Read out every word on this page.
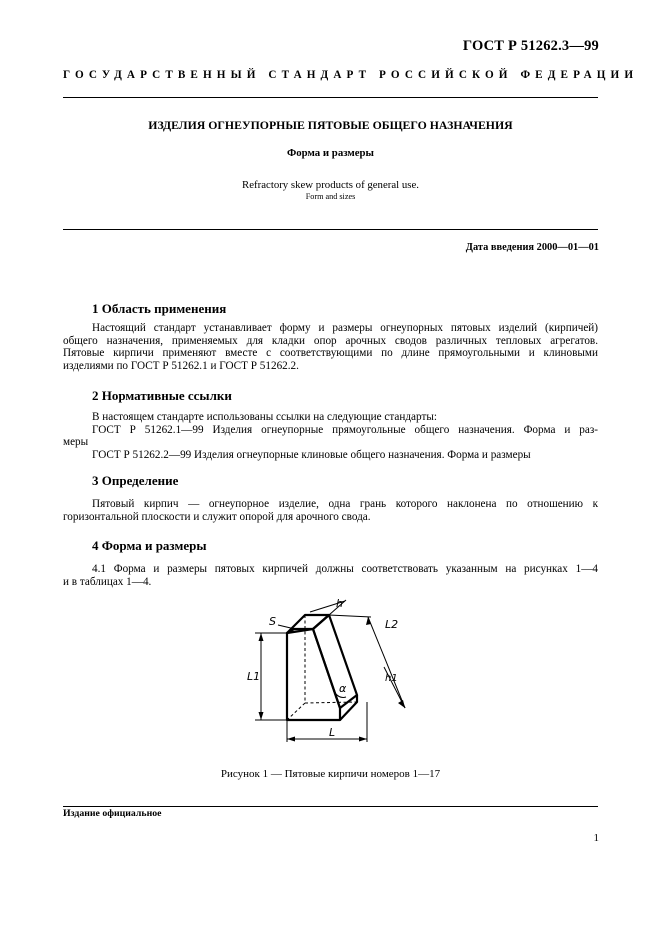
ГОСТ Р 51262.3—99
ГОСУДАРСТВЕННЫЙ СТАНДАРТ РОССИЙСКОЙ ФЕДЕРАЦИИ
ИЗДЕЛИЯ ОГНЕУПОРНЫЕ ПЯТОВЫЕ ОБЩЕГО НАЗНАЧЕНИЯ
Форма и размеры
Refractory skew products of general use.
Form and sizes
Дата введения 2000—01—01
1 Область применения
Настоящий стандарт устанавливает форму и размеры огнеупорных пятовых изделий (кирпичей)
общего назначения, применяемых для кладки опор арочных сводов различных тепловых агрегатов.
Пятовые кирпичи применяют вместе с соответствующими по длине прямоугольными и клиновыми
изделиями по ГОСТ Р 51262.1 и ГОСТ Р 51262.2.
2 Нормативные ссылки
В настоящем стандарте использованы ссылки на следующие стандарты:
ГОСТ Р 51262.1—99 Изделия огнеупорные прямоугольные общего назначения. Форма и раз-
меры
ГОСТ Р 51262.2—99 Изделия огнеупорные клиновые общего назначения. Форма и размеры
3 Определение
Пятовый кирпич — огнеупорное изделие, одна грань которого наклонена по отношению к
горизонтальной плоскости и служит опорой для арочного свода.
4 Форма и размеры
4.1 Форма и размеры пятовых кирпичей должны соответствовать указанным на рисунках 1—4
и в таблицах 1—4.
S
h
L2
L1	h1
α
L
Рисунок 1 — Пятовые кирпичи номеров 1—17
Издание официальное
1
